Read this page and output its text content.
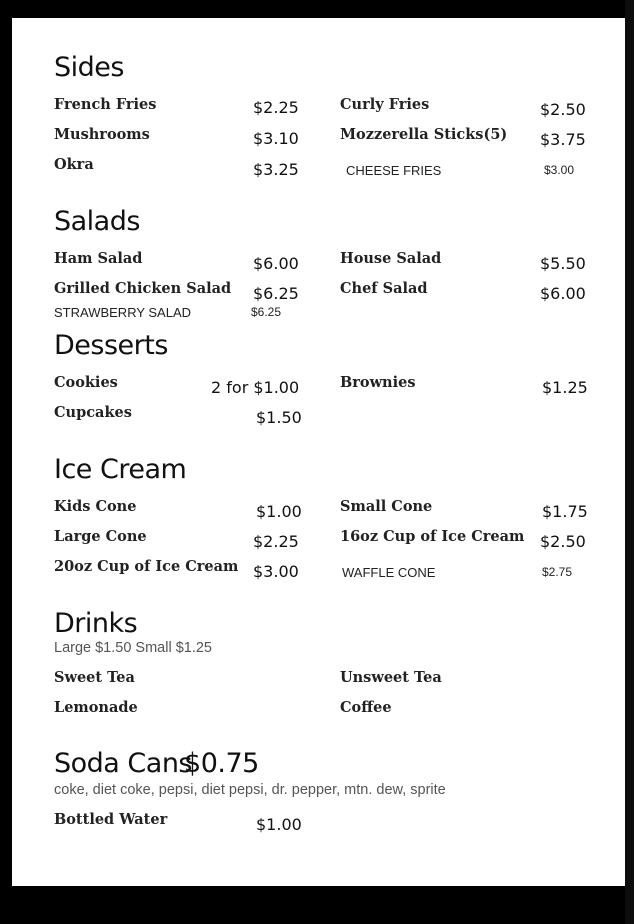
Sides
French Fries	$2.25	Curly Fries	$2.50
Mushrooms	$3.10	Mozzerella Sticks(5) $3.75
Okra	$3.25	CHEESE FRIES	$3.00
Salads
Ham Salad	$6.00	House Salad	$5.50
Grilled Chicken Salad $6.25	Chef Salad	$6.00
STRAWBERRY SALAD	$6.25
Desserts
Cookies	2 for $1.00	Brownies	$1.25
Cupcakes	$1.50
Ice Cream
Kids Cone	$1.00	Small Cone	$1.75
Large Cone	$2.25	16oz Cup of Ice Cream $2.50
20oz Cup of Ice Cream $3.00	WAFFLE CONE	$2.75
Drinks
Large $1.50 Small $1.25
Sweet Tea	Unsweet Tea
Lemonade	Coffee
Soda Cans$0.75
coke, diet coke, pepsi, diet pepsi, dr. pepper, mtn. dew, sprite
Bottled Water	$1.00
